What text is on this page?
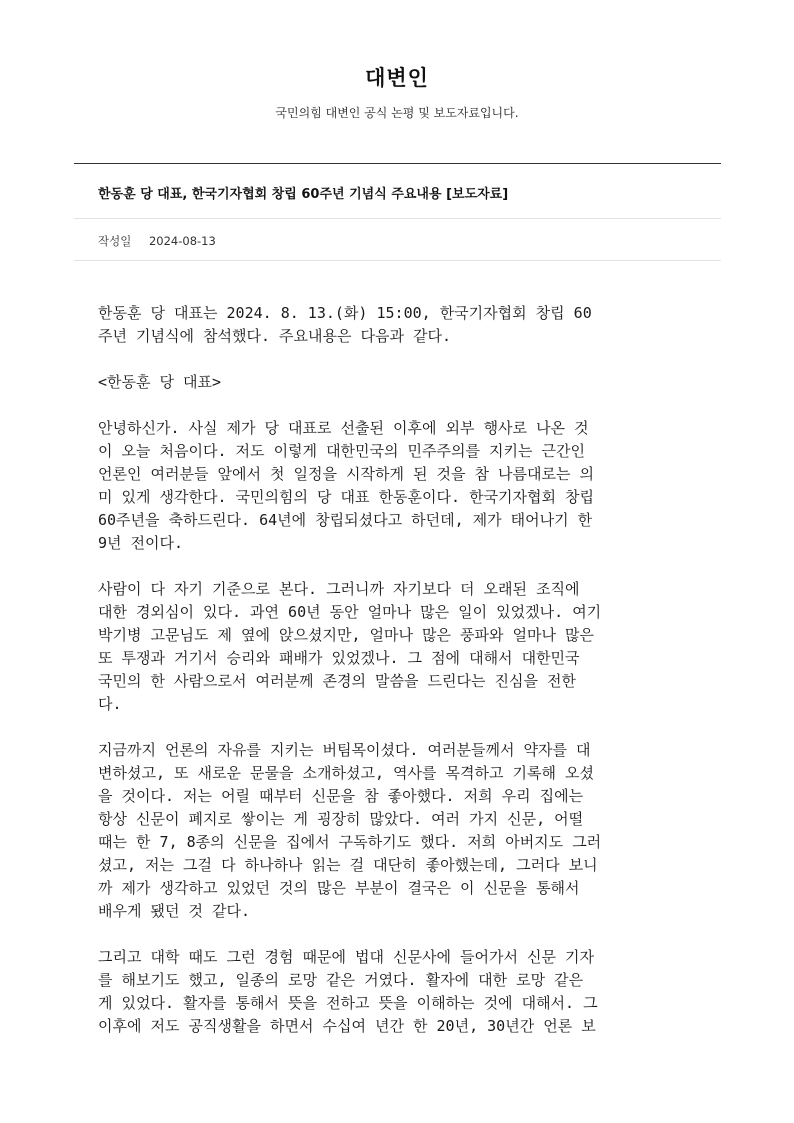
대변인
국민의힘 대변인 공식 논평 및 보도자료입니다.
한동훈 당 대표, 한국기자협회 창립 60주년 기념식 주요내용 [보도자료]
작성일 2024-08-13
한동훈 당 대표는 2024. 8. 13.(화) 15:00, 한국기자협회 창립 60
주년 기념식에 참석했다. 주요내용은 다음과 같다.
<한동훈 당 대표>
안녕하신가. 사실 제가 당 대표로 선출된 이후에 외부 행사로 나온 것
이 오늘 처음이다. 저도 이렇게 대한민국의 민주주의를 지키는 근간인
언론인 여러분들 앞에서 첫 일정을 시작하게 된 것을 참 나름대로는 의
미 있게 생각한다. 국민의힘의 당 대표 한동훈이다. 한국기자협회 창립
60주년을 축하드린다. 64년에 창립되셨다고 하던데, 제가 태어나기 한
9년 전이다.
사람이 다 자기 기준으로 본다. 그러니까 자기보다 더 오래된 조직에
대한 경외심이 있다. 과연 60년 동안 얼마나 많은 일이 있었겠나. 여기
박기병 고문님도 제 옆에 앉으셨지만, 얼마나 많은 풍파와 얼마나 많은
또 투쟁과 거기서 승리와 패배가 있었겠나. 그 점에 대해서 대한민국
국민의 한 사람으로서 여러분께 존경의 말씀을 드린다는 진심을 전한
다.
지금까지 언론의 자유를 지키는 버팀목이셨다. 여러분들께서 약자를 대
변하셨고, 또 새로운 문물을 소개하셨고, 역사를 목격하고 기록해 오셨
을 것이다. 저는 어릴 때부터 신문을 참 좋아했다. 저희 우리 집에는
항상 신문이 폐지로 쌓이는 게 굉장히 많았다. 여러 가지 신문, 어떨
때는 한 7, 8종의 신문을 집에서 구독하기도 했다. 저희 아버지도 그러
셨고, 저는 그걸 다 하나하나 읽는 걸 대단히 좋아했는데, 그러다 보니
까 제가 생각하고 있었던 것의 많은 부분이 결국은 이 신문을 통해서
배우게 됐던 것 같다.
그리고 대학 때도 그런 경험 때문에 법대 신문사에 들어가서 신문 기자
를 해보기도 했고, 일종의 로망 같은 거였다. 활자에 대한 로망 같은
게 있었다. 활자를 통해서 뜻을 전하고 뜻을 이해하는 것에 대해서. 그
이후에 저도 공직생활을 하면서 수십여 년간 한 20년, 30년간 언론 보
